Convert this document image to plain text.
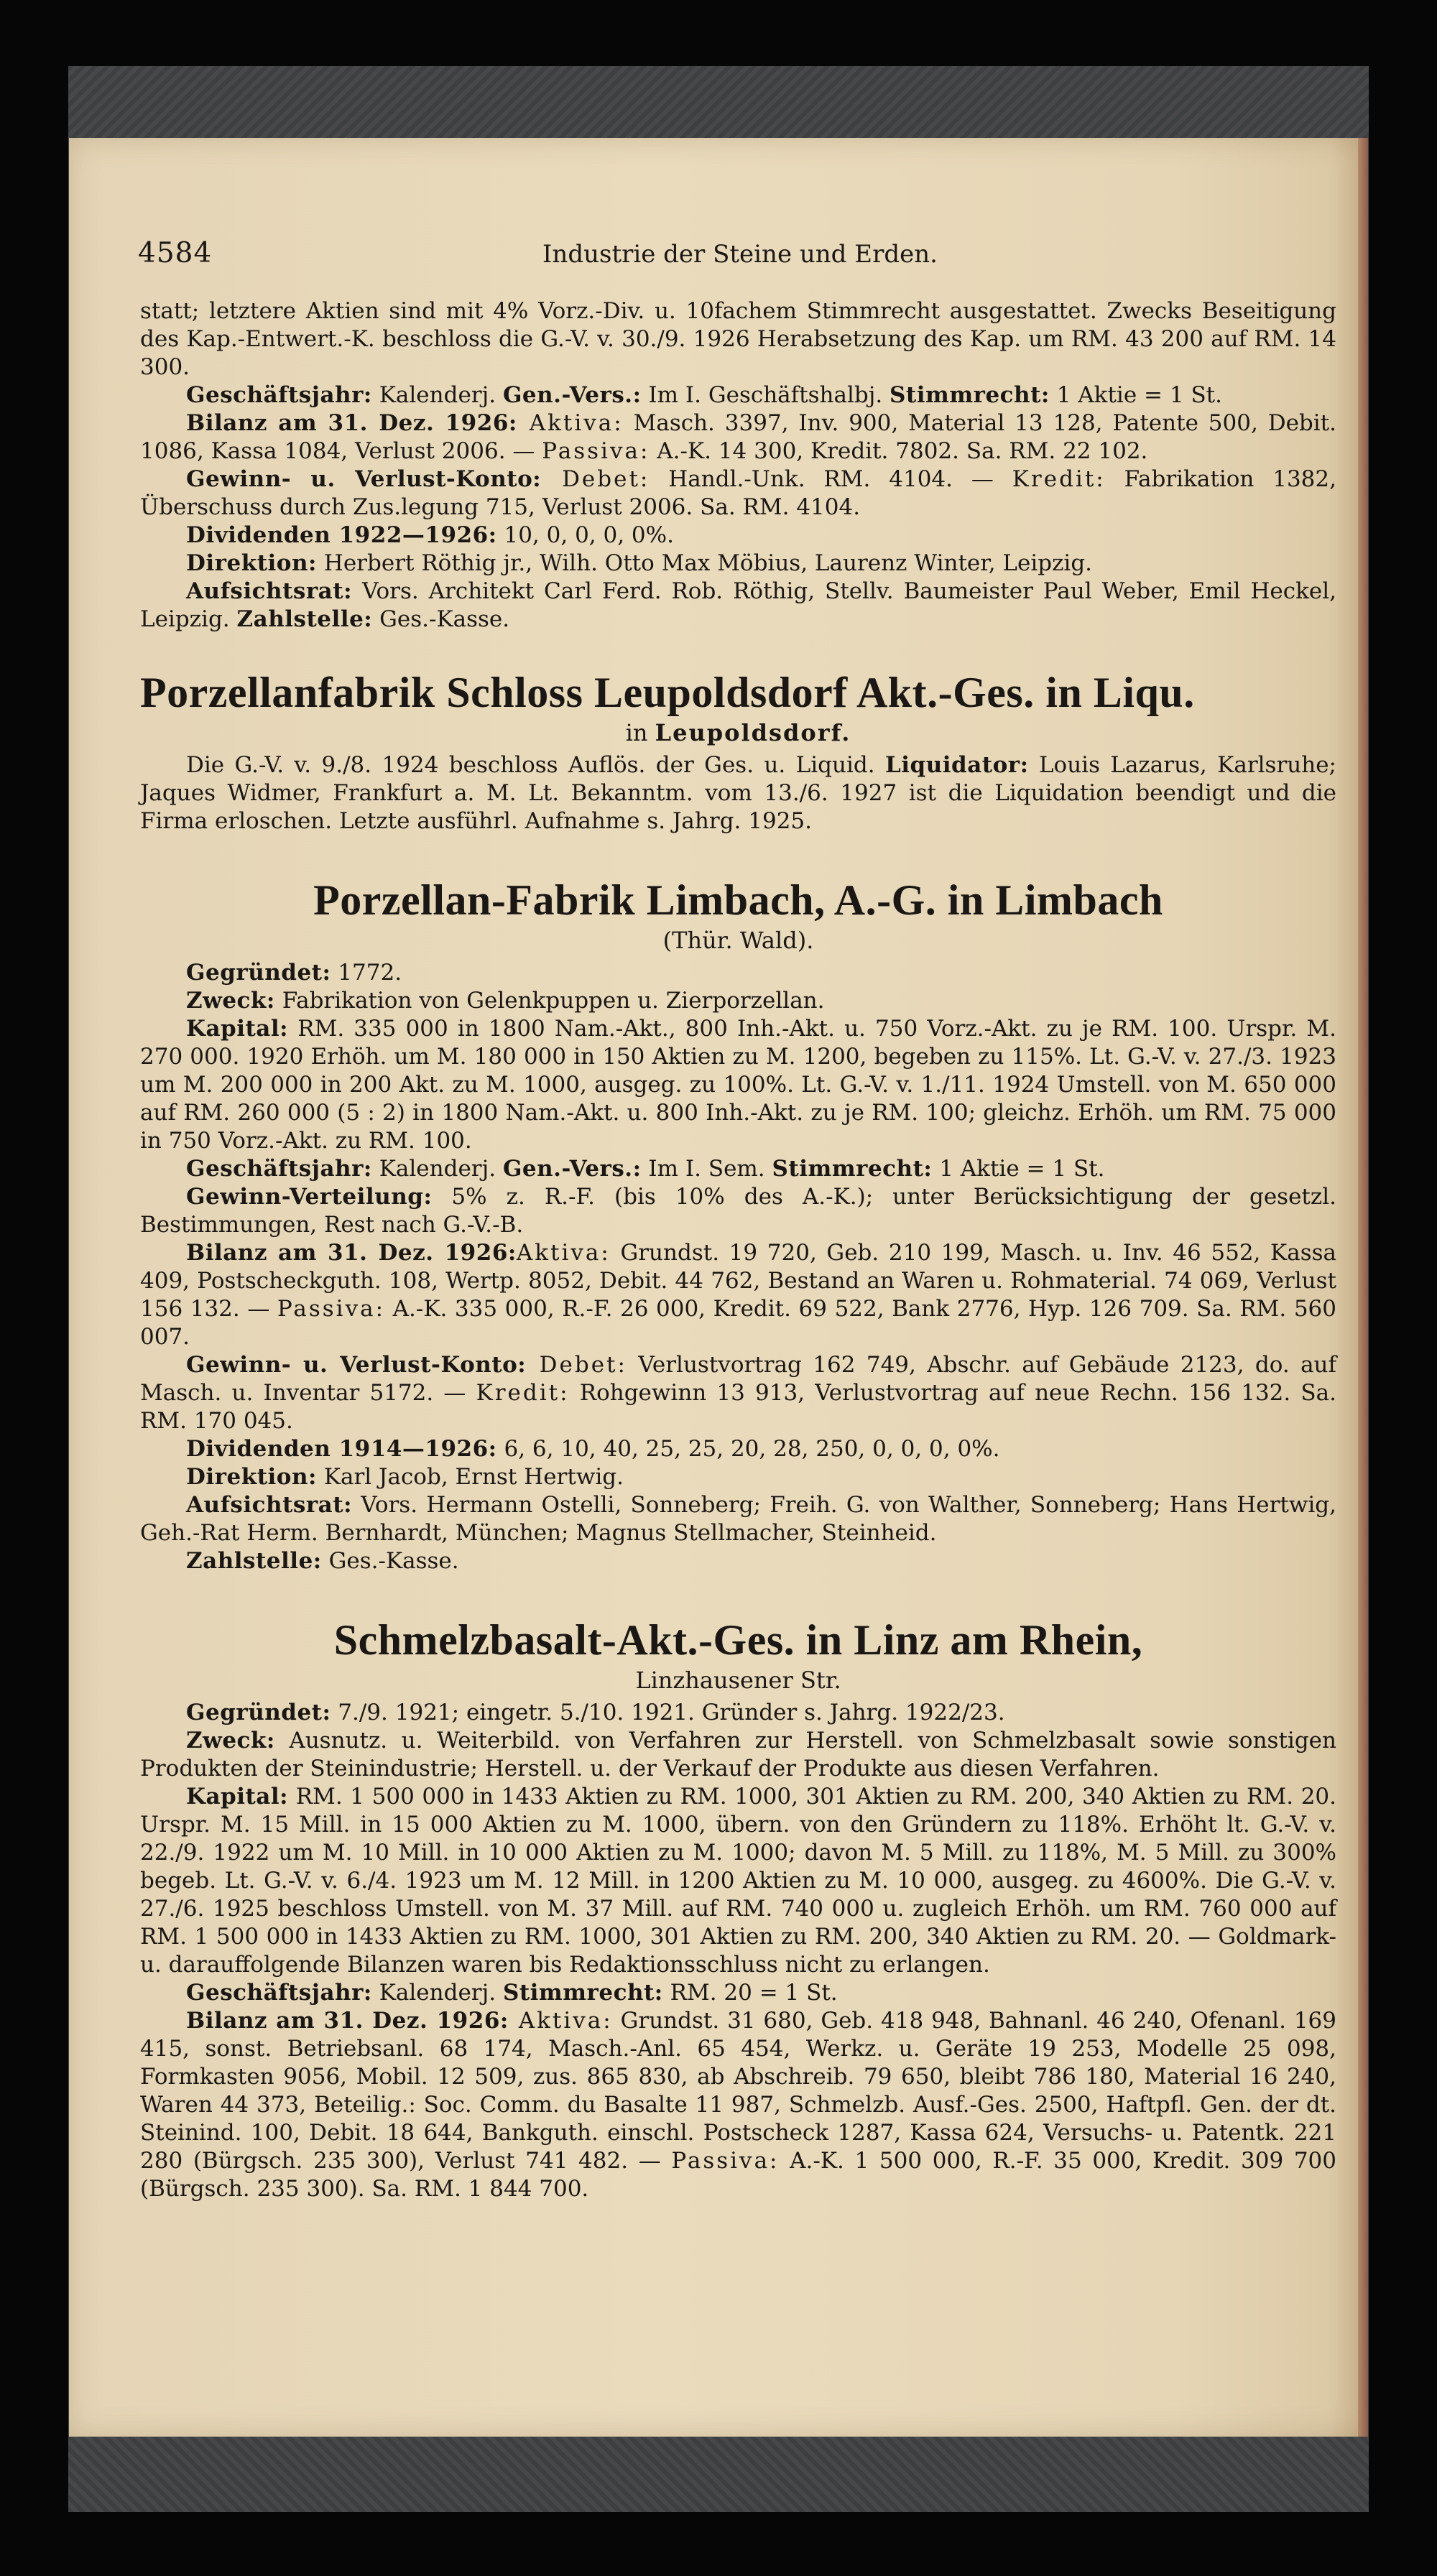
4584	Industrie der Steine und Erden.

statt; letztere Aktien sind mit 4% Vorz.-Div. u. 10fachem Stimmrecht ausgestattet. Zwecks Beseitigung des Kap.-Entwert.-K. beschloss die G.-V. v. 30./9. 1926 Herabsetzung des Kap. um RM. 43 200 auf RM. 14 300.

Geschäftsjahr: Kalenderj. Gen.-Vers.: Im I. Geschäftshalbj. Stimmrecht: 1 Aktie = 1 St.

Bilanz am 31. Dez. 1926: Aktiva: Masch. 3397, Inv. 900, Material 13 128, Patente 500, Debit. 1086, Kassa 1084, Verlust 2006. — Passiva: A.-K. 14 300, Kredit. 7802. Sa. RM. 22 102.

Gewinn- u. Verlust-Konto: Debet: Handl.-Unk. RM. 4104. — Kredit: Fabrikation 1382, Überschuss durch Zus.legung 715, Verlust 2006. Sa. RM. 4104.

Dividenden 1922—1926: 10, 0, 0, 0, 0%.

Direktion: Herbert Röthig jr., Wilh. Otto Max Möbius, Laurenz Winter, Leipzig.

Aufsichtsrat: Vors. Architekt Carl Ferd. Rob. Röthig, Stellv. Baumeister Paul Weber, Emil Heckel, Leipzig. Zahlstelle: Ges.-Kasse.

Porzellanfabrik Schloss Leupoldsdorf Akt.-Ges. in Liqu.

in Leupoldsdorf.

Die G.-V. v. 9./8. 1924 beschloss Auflös. der Ges. u. Liquid. Liquidator: Louis Lazarus, Karlsruhe; Jaques Widmer, Frankfurt a. M. Lt. Bekanntm. vom 13./6. 1927 ist die Liquidation beendigt und die Firma erloschen. Letzte ausführl. Aufnahme s. Jahrg. 1925.

Porzellan-Fabrik Limbach, A.-G. in Limbach

(Thür. Wald).

Gegründet: 1772.

Zweck: Fabrikation von Gelenkpuppen u. Zierporzellan.

Kapital: RM. 335 000 in 1800 Nam.-Akt., 800 Inh.-Akt. u. 750 Vorz.-Akt. zu je RM. 100. Urspr. M. 270 000. 1920 Erhöh. um M. 180 000 in 150 Aktien zu M. 1200, begeben zu 115%. Lt. G.-V. v. 27./3. 1923 um M. 200 000 in 200 Akt. zu M. 1000, ausgeg. zu 100%. Lt. G.-V. v. 1./11. 1924 Umstell. von M. 650 000 auf RM. 260 000 (5 : 2) in 1800 Nam.-Akt. u. 800 Inh.-Akt. zu je RM. 100; gleichz. Erhöh. um RM. 75 000 in 750 Vorz.-Akt. zu RM. 100.

Geschäftsjahr: Kalenderj. Gen.-Vers.: Im I. Sem. Stimmrecht: 1 Aktie = 1 St.

Gewinn-Verteilung: 5% z. R.-F. (bis 10% des A.-K.); unter Berücksichtigung der gesetzl. Bestimmungen, Rest nach G.-V.-B.

Bilanz am 31. Dez. 1926:Aktiva: Grundst. 19 720, Geb. 210 199, Masch. u. Inv. 46 552, Kassa 409, Postscheckguth. 108, Wertp. 8052, Debit. 44 762, Bestand an Waren u. Rohmaterial. 74 069, Verlust 156 132. — Passiva: A.-K. 335 000, R.-F. 26 000, Kredit. 69 522, Bank 2776, Hyp. 126 709. Sa. RM. 560 007.

Gewinn- u. Verlust-Konto: Debet: Verlustvortrag 162 749, Abschr. auf Gebäude 2123, do. auf Masch. u. Inventar 5172. — Kredit: Rohgewinn 13 913, Verlustvortrag auf neue Rechn. 156 132. Sa. RM. 170 045.

Dividenden 1914—1926: 6, 6, 10, 40, 25, 25, 20, 28, 250, 0, 0, 0, 0%.

Direktion: Karl Jacob, Ernst Hertwig.

Aufsichtsrat: Vors. Hermann Ostelli, Sonneberg; Freih. G. von Walther, Sonneberg; Hans Hertwig, Geh.-Rat Herm. Bernhardt, München; Magnus Stellmacher, Steinheid.

Zahlstelle: Ges.-Kasse.

Schmelzbasalt-Akt.-Ges. in Linz am Rhein,

Linzhausener Str.

Gegründet: 7./9. 1921; eingetr. 5./10. 1921. Gründer s. Jahrg. 1922/23.

Zweck: Ausnutz. u. Weiterbild. von Verfahren zur Herstell. von Schmelzbasalt sowie sonstigen Produkten der Steinindustrie; Herstell. u. der Verkauf der Produkte aus diesen Verfahren.

Kapital: RM. 1 500 000 in 1433 Aktien zu RM. 1000, 301 Aktien zu RM. 200, 340 Aktien zu RM. 20. Urspr. M. 15 Mill. in 15 000 Aktien zu M. 1000, übern. von den Gründern zu 118%. Erhöht lt. G.-V. v. 22./9. 1922 um M. 10 Mill. in 10 000 Aktien zu M. 1000; davon M. 5 Mill. zu 118%, M. 5 Mill. zu 300% begeb. Lt. G.-V. v. 6./4. 1923 um M. 12 Mill. in 1200 Aktien zu M. 10 000, ausgeg. zu 4600%. Die G.-V. v. 27./6. 1925 beschloss Umstell. von M. 37 Mill. auf RM. 740 000 u. zugleich Erhöh. um RM. 760 000 auf RM. 1 500 000 in 1433 Aktien zu RM. 1000, 301 Aktien zu RM. 200, 340 Aktien zu RM. 20. — Goldmark- u. darauffolgende Bilanzen waren bis Redaktionsschluss nicht zu erlangen.

Geschäftsjahr: Kalenderj. Stimmrecht: RM. 20 = 1 St.

Bilanz am 31. Dez. 1926: Aktiva: Grundst. 31 680, Geb. 418 948, Bahnanl. 46 240, Ofenanl. 169 415, sonst. Betriebsanl. 68 174, Masch.-Anl. 65 454, Werkz. u. Geräte 19 253, Modelle 25 098, Formkasten 9056, Mobil. 12 509, zus. 865 830, ab Abschreib. 79 650, bleibt 786 180, Material 16 240, Waren 44 373, Beteilig.: Soc. Comm. du Basalte 11 987, Schmelzb. Ausf.-Ges. 2500, Haftpfl. Gen. der dt. Steinind. 100, Debit. 18 644, Bankguth. einschl. Postscheck 1287, Kassa 624, Versuchs- u. Patentk. 221 280 (Bürgsch. 235 300), Verlust 741 482. — Passiva: A.-K. 1 500 000, R.-F. 35 000, Kredit. 309 700 (Bürgsch. 235 300). Sa. RM. 1 844 700.
